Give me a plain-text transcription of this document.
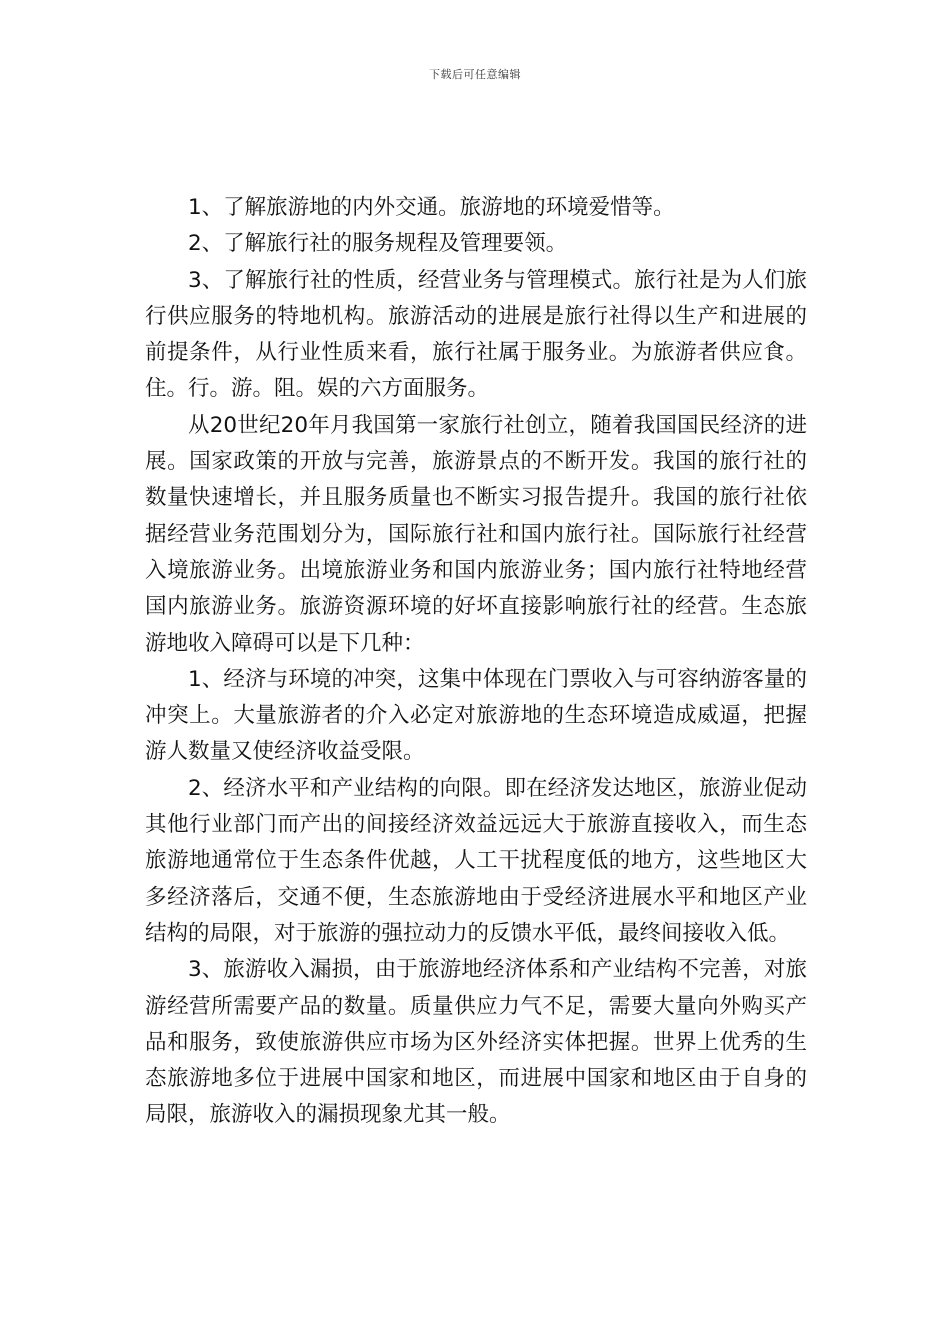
下载后可任意编辑

1、了解旅游地的内外交通。旅游地的环境爱惜等。

2、了解旅行社的服务规程及管理要领。

3、了解旅行社的性质，经营业务与管理模式。旅行社是为人们旅行供应服务的特地机构。旅游活动的进展是旅行社得以生产和进展的前提条件，从行业性质来看，旅行社属于服务业。为旅游者供应食。住。行。游。阻。娱的六方面服务。

从20世纪20年月我国第一家旅行社创立，随着我国国民经济的进展。国家政策的开放与完善，旅游景点的不断开发。我国的旅行社的数量快速增长，并且服务质量也不断实习报告提升。我国的旅行社依据经营业务范围划分为，国际旅行社和国内旅行社。国际旅行社经营入境旅游业务。出境旅游业务和国内旅游业务；国内旅行社特地经营国内旅游业务。旅游资源环境的好坏直接影响旅行社的经营。生态旅游地收入障碍可以是下几种：

1、经济与环境的冲突，这集中体现在门票收入与可容纳游客量的冲突上。大量旅游者的介入必定对旅游地的生态环境造成威逼，把握游人数量又使经济收益受限。

2、经济水平和产业结构的向限。即在经济发达地区，旅游业促动其他行业部门而产出的间接经济效益远远大于旅游直接收入，而生态旅游地通常位于生态条件优越，人工干扰程度低的地方，这些地区大多经济落后，交通不便，生态旅游地由于受经济进展水平和地区产业结构的局限，对于旅游的强拉动力的反馈水平低，最终间接收入低。

3、旅游收入漏损，由于旅游地经济体系和产业结构不完善，对旅游经营所需要产品的数量。质量供应力气不足，需要大量向外购买产品和服务，致使旅游供应市场为区外经济实体把握。世界上优秀的生态旅游地多位于进展中国家和地区，而进展中国家和地区由于自身的局限，旅游收入的漏损现象尤其一般。
